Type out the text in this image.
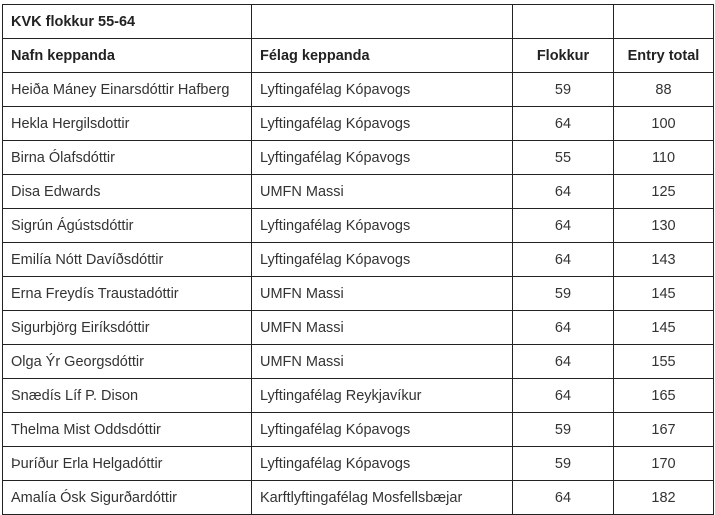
KVK flokkur 55-64			
Nafn keppanda	Félag keppanda	Flokkur	Entry total
Heiða Máney Einarsdóttir Hafberg	Lyftingafélag Kópavogs	59	88
Hekla Hergilsdottir	Lyftingafélag Kópavogs	64	100
Birna Ólafsdóttir	Lyftingafélag Kópavogs	55	110
Disa Edwards	UMFN Massi	64	125
Sigrún Ágústsdóttir	Lyftingafélag Kópavogs	64	130
Emilía Nótt Davíðsdóttir	Lyftingafélag Kópavogs	64	143
Erna Freydís Traustadóttir	UMFN Massi	59	145
Sigurbjörg Eiríksdóttir	UMFN Massi	64	145
Olga Ýr Georgsdóttir	UMFN Massi	64	155
Snædís Líf P. Dison	Lyftingafélag Reykjavíkur	64	165
Thelma Mist Oddsdóttir	Lyftingafélag Kópavogs	59	167
Þuríður Erla Helgadóttir	Lyftingafélag Kópavogs	59	170
Amalía Ósk Sigurðardóttir	Karftlyftingafélag Mosfellsbæjar	64	182
